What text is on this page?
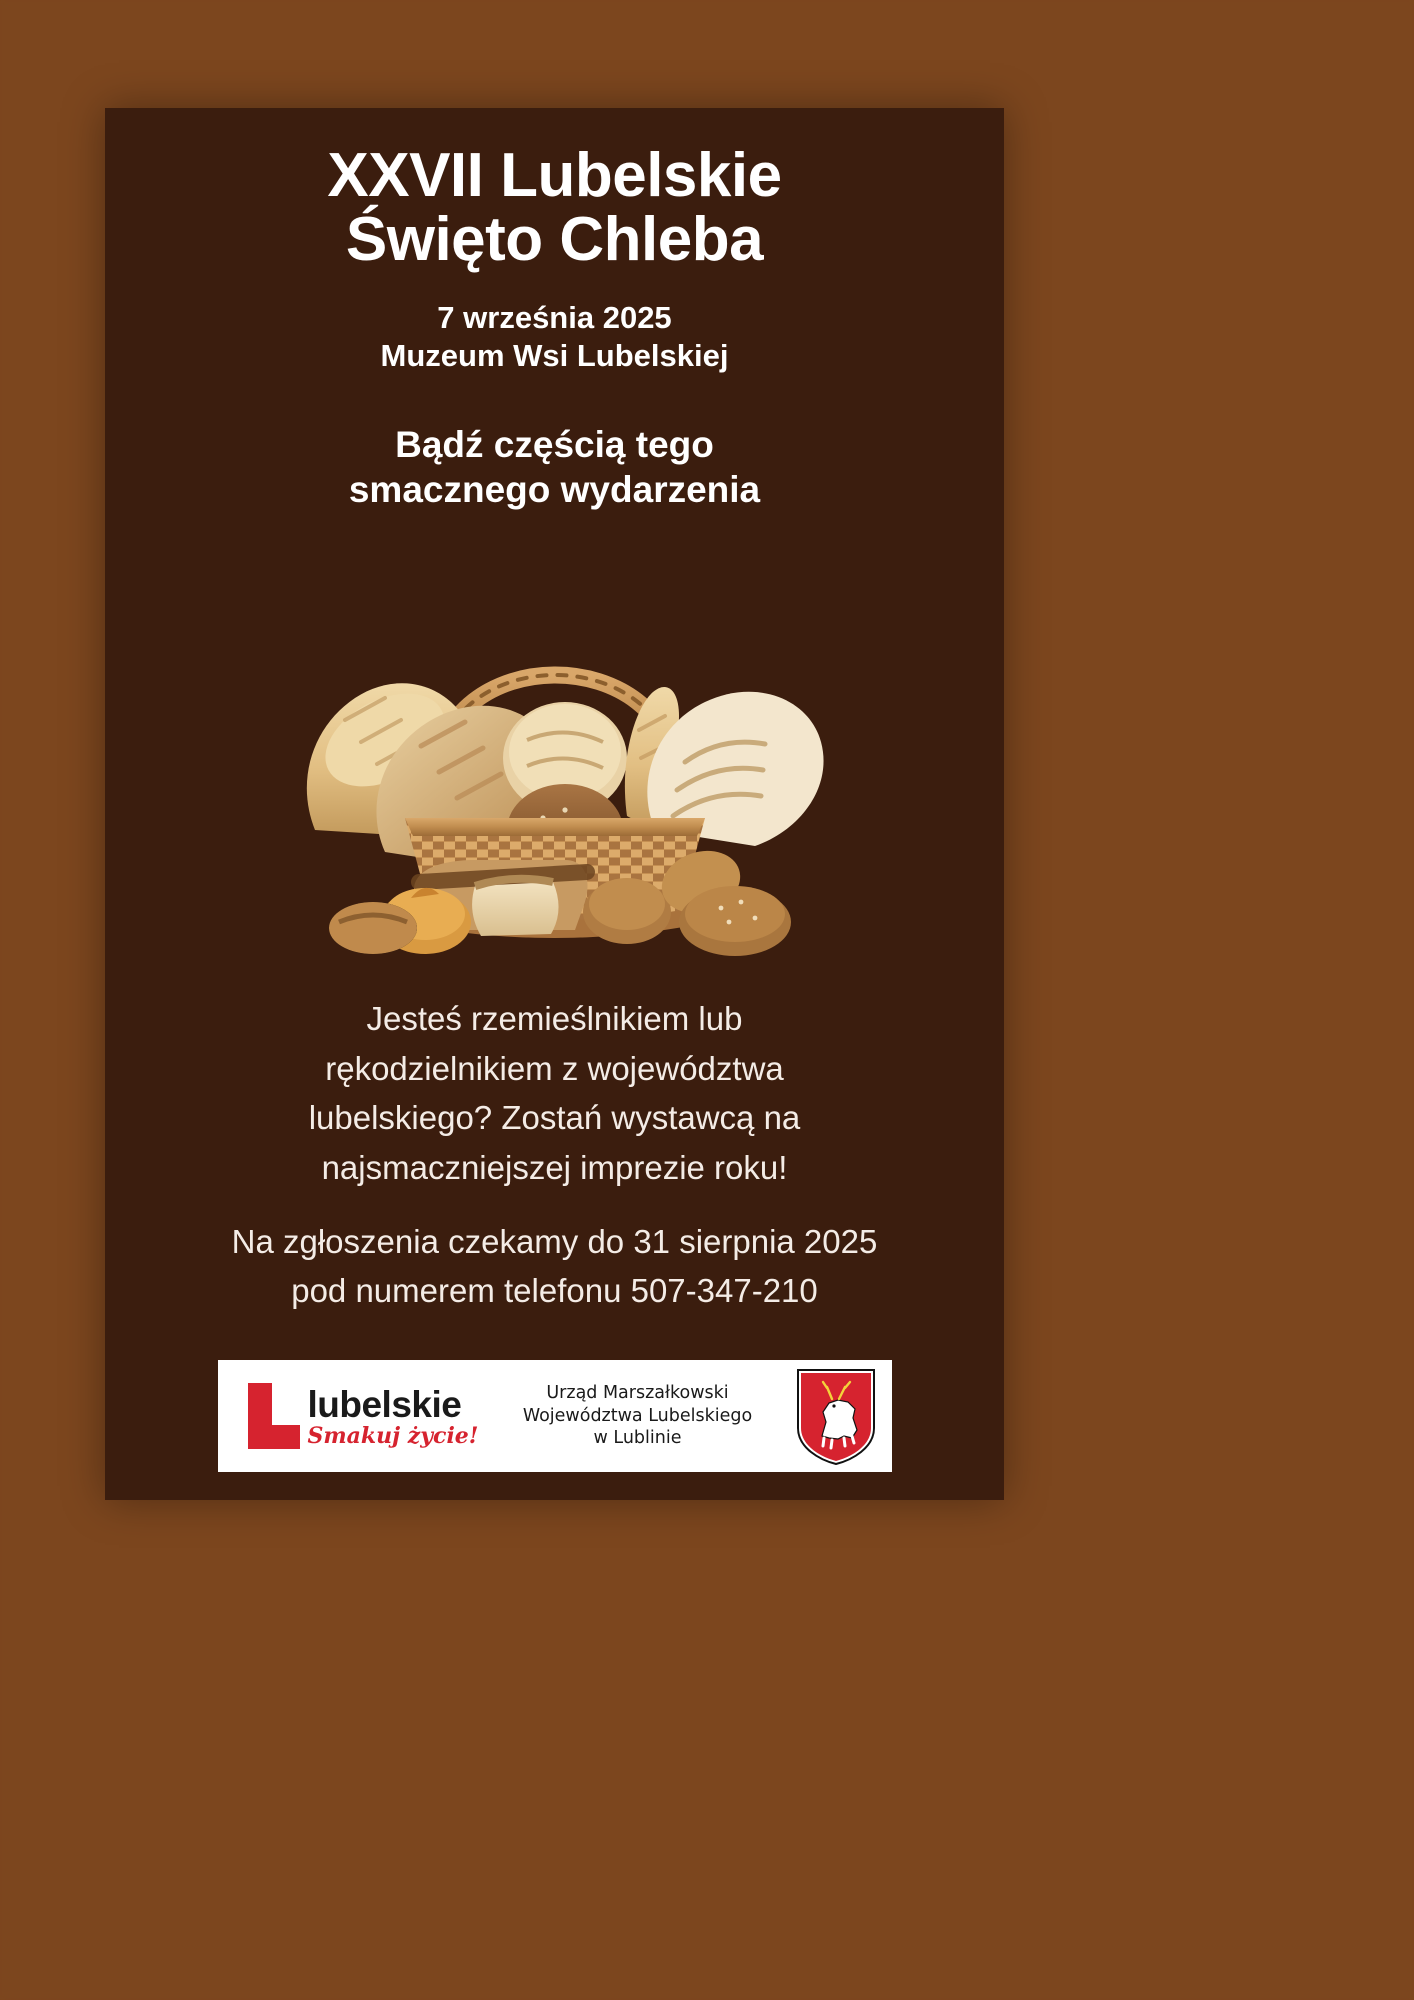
XXVII Lubelskie
Święto Chleba

7 września 2025
Muzeum Wsi Lubelskiej

Bądź częścią tego
smacznego wydarzenia

Jesteś rzemieślnikiem lub
rękodzielnikiem z województwa
lubelskiego? Zostań wystawcą na
najsmaczniejszej imprezie roku!

Na zgłoszenia czekamy do 31 sierpnia 2025
pod numerem telefonu 507-347-210

lubelskie
Smakuj życie!
Urząd Marszałkowski
Województwa Lubelskiego
w Lublinie
